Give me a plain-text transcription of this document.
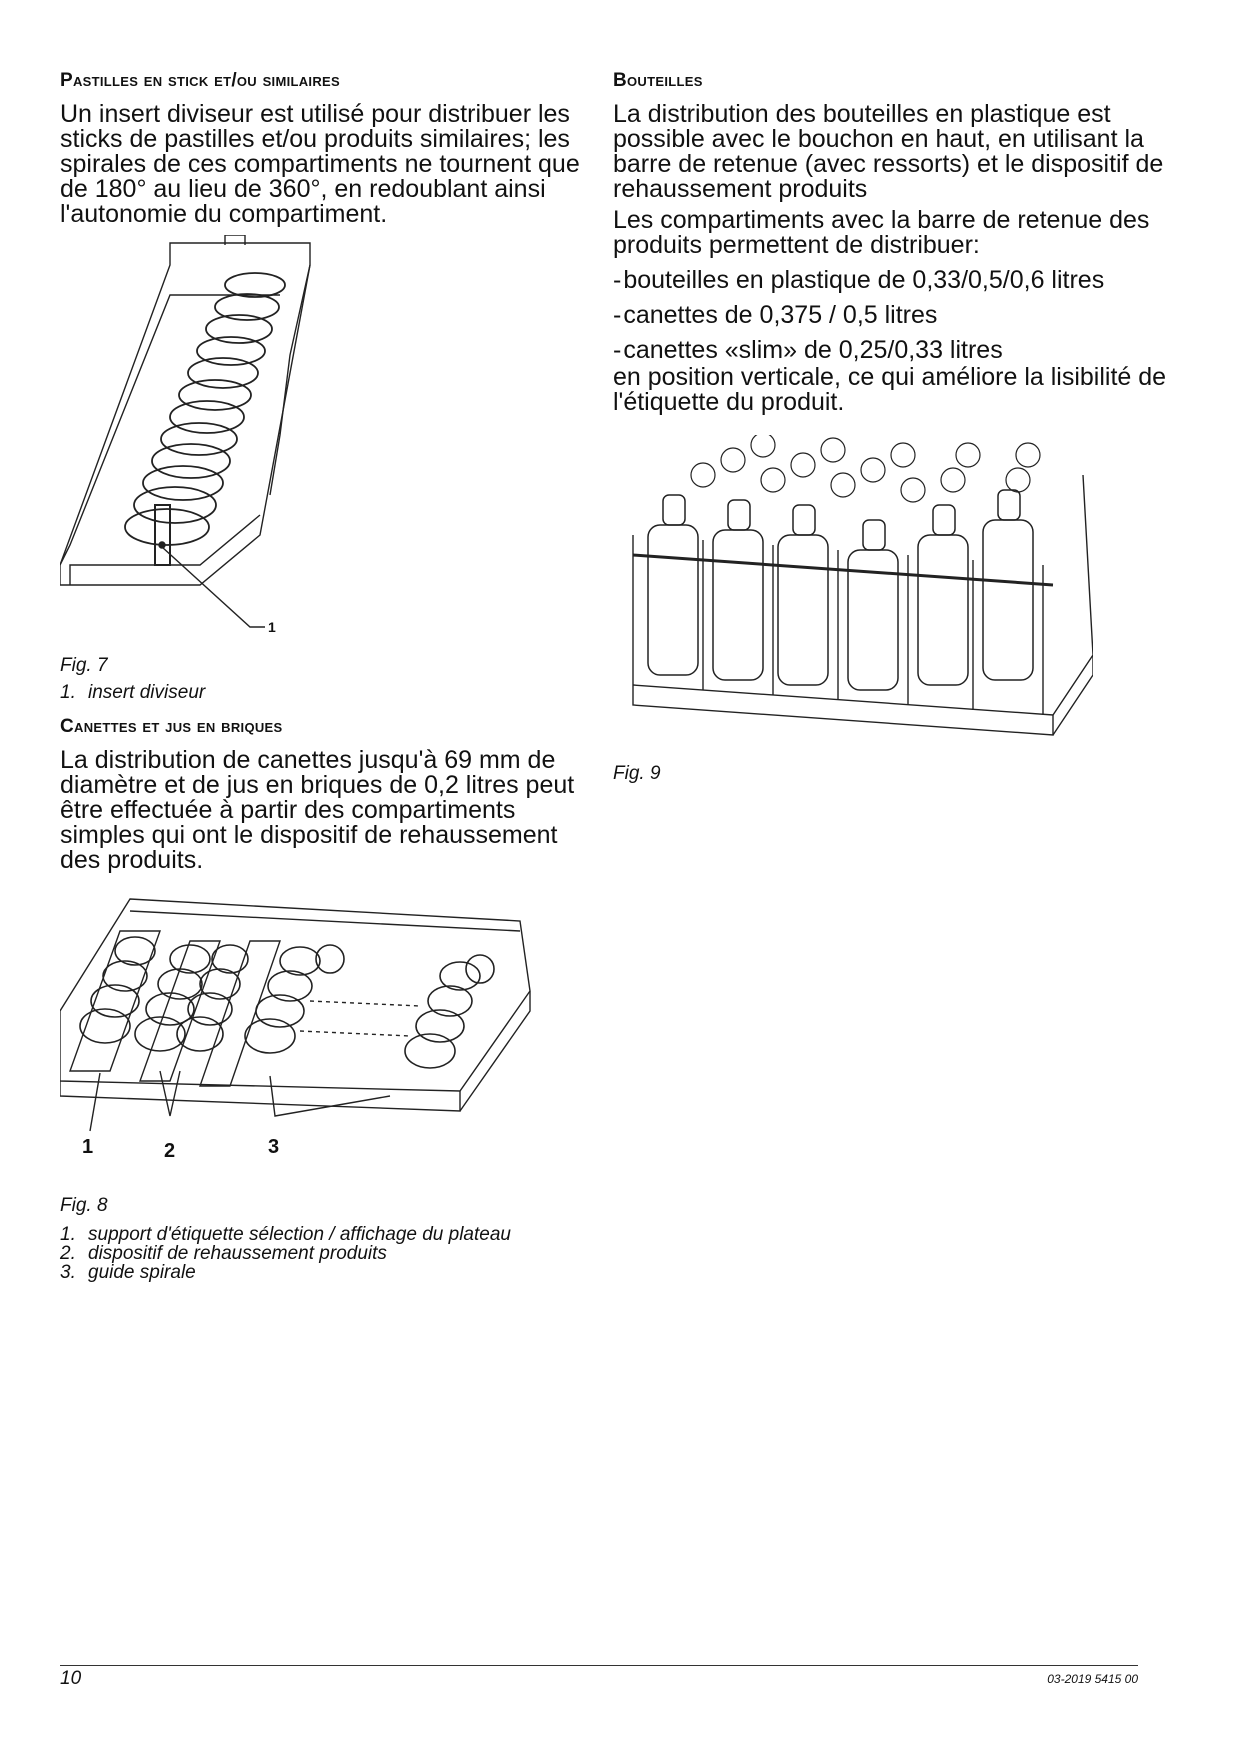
Pastilles en stick et/ou similaires

Un insert diviseur est utilisé pour distribuer les sticks de pastilles et/ou produits similaires; les spirales de ces compartiments ne tournent que de 180° au lieu de 360°, en redoublant ainsi l'autonomie du compartiment.

1

Fig. 7

1. insert diviseur
Canettes et jus en briques

La distribution de canettes jusqu'à 69 mm de diamètre et de jus en briques de 0,2 litres peut être effectuée à partir des compartiments simples qui ont le dispositif de rehaussement des produits.

1	2	3

Fig. 8

1. support d'étiquette sélection / affichage du plateau
2. dispositif de rehaussement produits
3. guide spirale
Bouteilles

La distribution des bouteilles en plastique est possible avec le bouchon en haut, en utilisant la barre de retenue (avec ressorts) et le dispositif de rehaussement produits

Les compartiments avec la barre de retenue des produits permettent de distribuer:

- bouteilles en plastique de 0,33/0,5/0,6 litres
- canettes de 0,375 / 0,5 litres
- canettes «slim» de 0,25/0,33 litres

en position verticale, ce qui améliore la lisibilité de l'étiquette du produit.

Fig. 9

10	03-2019 5415 00
